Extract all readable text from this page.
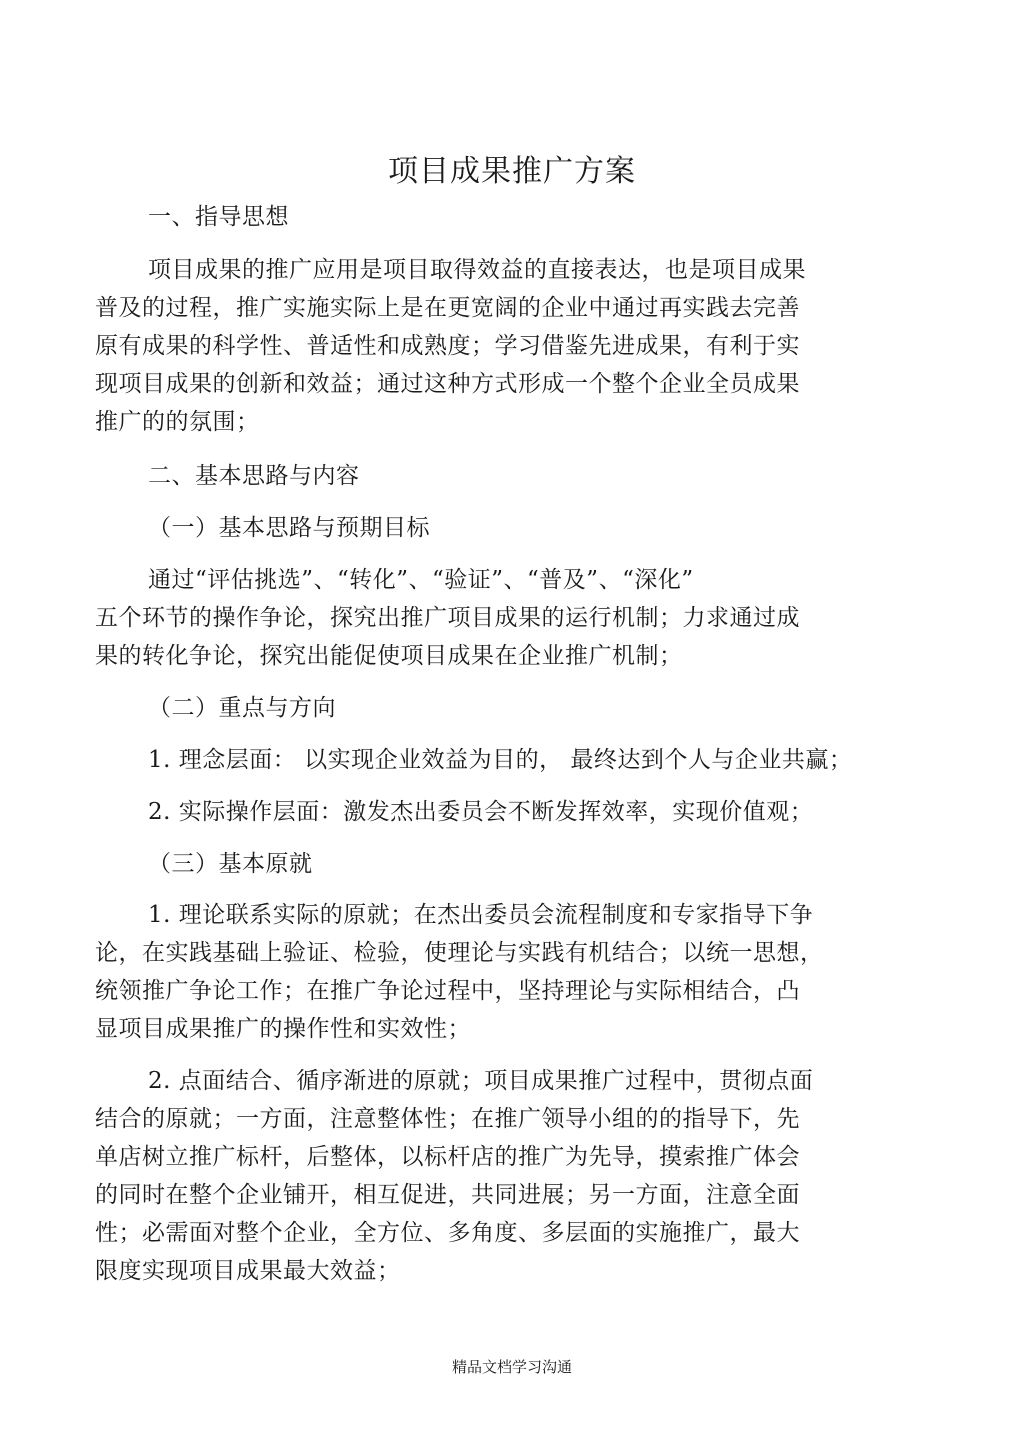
项目成果推广方案
一、指导思想
项目成果的推广应用是项目取得效益的直接表达，也是项目成果
普及的过程，推广实施实际上是在更宽阔的企业中通过再实践去完善
原有成果的科学性、普适性和成熟度；学习借鉴先进成果，有利于实
现项目成果的创新和效益；通过这种方式形成一个整个企业全员成果
推广的的氛围；
二、基本思路与内容
（一）基本思路与预期目标
通过“评估挑选”、“转化”、“验证”、“普及”、“深化”
五个环节的操作争论，探究出推广项目成果的运行机制；力求通过成
果的转化争论，探究出能促使项目成果在企业推广机制；
（二）重点与方向
1. 理念层面： 以实现企业效益为目的， 最终达到个人与企业共赢；
2. 实际操作层面：激发杰出委员会不断发挥效率，实现价值观；
（三）基本原就
1. 理论联系实际的原就；在杰出委员会流程制度和专家指导下争
论，在实践基础上验证、检验，使理论与实践有机结合；以统一思想，
统领推广争论工作；在推广争论过程中，坚持理论与实际相结合，凸
显项目成果推广的操作性和实效性；
2. 点面结合、循序渐进的原就；项目成果推广过程中，贯彻点面
结合的原就；一方面，注意整体性；在推广领导小组的的指导下，先
单店树立推广标杆，后整体，以标杆店的推广为先导，摸索推广体会
的同时在整个企业铺开，相互促进，共同进展；另一方面，注意全面
性；必需面对整个企业，全方位、多角度、多层面的实施推广，最大
限度实现项目成果最大效益；
精品文档学习沟通
